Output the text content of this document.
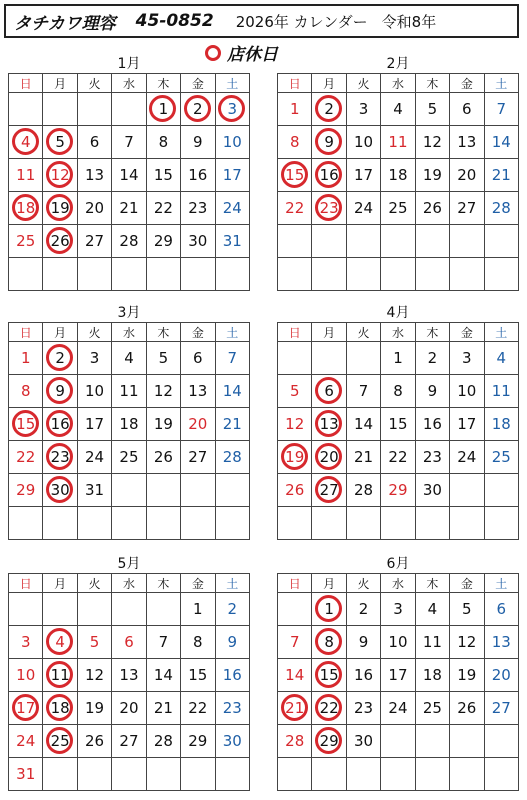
タチカワ理容 45-0852 2026年 カレンダー 令和8年
店休日
1月
日	月	火	水	木	金	土
				1	2	3
4	5	6	7	8	9	10
11	12	13	14	15	16	17
18	19	20	21	22	23	24
25	26	27	28	29	30	31

2月
日	月	火	水	木	金	土
1	2	3	4	5	6	7
8	9	10	11	12	13	14
15	16	17	18	19	20	21
22	23	24	25	26	27	28

3月
日	月	火	水	木	金	土
1	2	3	4	5	6	7
8	9	10	11	12	13	14
15	16	17	18	19	20	21
22	23	24	25	26	27	28
29	30	31				

4月
日	月	火	水	木	金	土
			1	2	3	4
5	6	7	8	9	10	11
12	13	14	15	16	17	18
19	20	21	22	23	24	25
26	27	28	29	30		

5月
日	月	火	水	木	金	土
					1	2
3	4	5	6	7	8	9
10	11	12	13	14	15	16
17	18	19	20	21	22	23
24	25	26	27	28	29	30
31						
6月
日	月	火	水	木	金	土
	1	2	3	4	5	6
7	8	9	10	11	12	13
14	15	16	17	18	19	20
21	22	23	24	25	26	27
28	29	30				
